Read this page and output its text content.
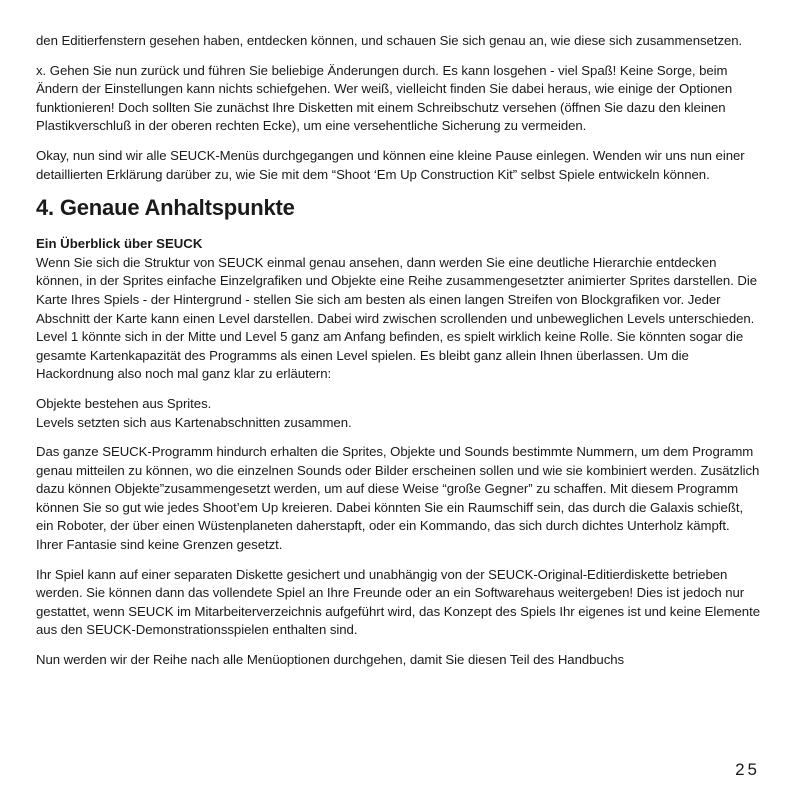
den Editierfenstern gesehen haben, entdecken können, und schauen Sie sich genau an, wie diese sich zusammensetzen.

x. Gehen Sie nun zurück und führen Sie beliebige Änderungen durch. Es kann losgehen - viel Spaß! Keine Sorge, beim Ändern der Einstellungen kann nichts schiefgehen. Wer weiß, vielleicht finden Sie dabei heraus, wie einige der Optionen funktionieren! Doch sollten Sie zunächst Ihre Disketten mit einem Schreibschutz versehen (öffnen Sie dazu den kleinen Plastikverschluß in der oberen rechten Ecke), um eine versehentliche Sicherung zu vermeiden.

Okay, nun sind wir alle SEUCK-Menüs durchgegangen und können eine kleine Pause einlegen. Wenden wir uns nun einer detaillierten Erklärung darüber zu, wie Sie mit dem “Shoot ‘Em Up Construction Kit” selbst Spiele entwickeln können.

4. Genaue Anhaltspunkte

Ein Überblick über SEUCK

Wenn Sie sich die Struktur von SEUCK einmal genau ansehen, dann werden Sie eine deutliche Hierarchie entdecken können, in der Sprites einfache Einzelgrafiken und Objekte eine Reihe zusammengesetzter animierter Sprites darstellen. Die Karte Ihres Spiels - der Hintergrund - stellen Sie sich am besten als einen langen Streifen von Blockgrafiken vor. Jeder Abschnitt der Karte kann einen Level darstellen. Dabei wird zwischen scrollenden und unbeweglichen Levels unterschieden. Level 1 könnte sich in der Mitte und Level 5 ganz am Anfang befinden, es spielt wirklich keine Rolle. Sie könnten sogar die gesamte Kartenkapazität des Programms als einen Level spielen. Es bleibt ganz allein Ihnen überlassen. Um die Hackordnung also noch mal ganz klar zu erläutern:

Objekte bestehen aus Sprites.
Levels setzten sich aus Kartenabschnitten zusammen.

Das ganze SEUCK-Programm hindurch erhalten die Sprites, Objekte und Sounds bestimmte Nummern, um dem Programm genau mitteilen zu können, wo die einzelnen Sounds oder Bilder erscheinen sollen und wie sie kombiniert werden. Zusätzlich dazu können Objekte”zusammengesetzt werden, um auf diese Weise “große Gegner” zu schaffen. Mit diesem Programm können Sie so gut wie jedes Shoot’em Up kreieren. Dabei könnten Sie ein Raumschiff sein, das durch die Galaxis schießt, ein Roboter, der über einen Wüstenplaneten daherstapft, oder ein Kommando, das sich durch dichtes Unterholz kämpft. Ihrer Fantasie sind keine Grenzen gesetzt.

Ihr Spiel kann auf einer separaten Diskette gesichert und unabhängig von der SEUCK-Original-Editierdiskette betrieben werden. Sie können dann das vollendete Spiel an Ihre Freunde oder an ein Softwarehaus weitergeben! Dies ist jedoch nur gestattet, wenn SEUCK im Mitarbeiterverzeichnis aufgeführt wird, das Konzept des Spiels Ihr eigenes ist und keine Elemente aus den SEUCK-Demonstrationsspielen enthalten sind.

Nun werden wir der Reihe nach alle Menüoptionen durchgehen, damit Sie diesen Teil des Handbuchs

25
